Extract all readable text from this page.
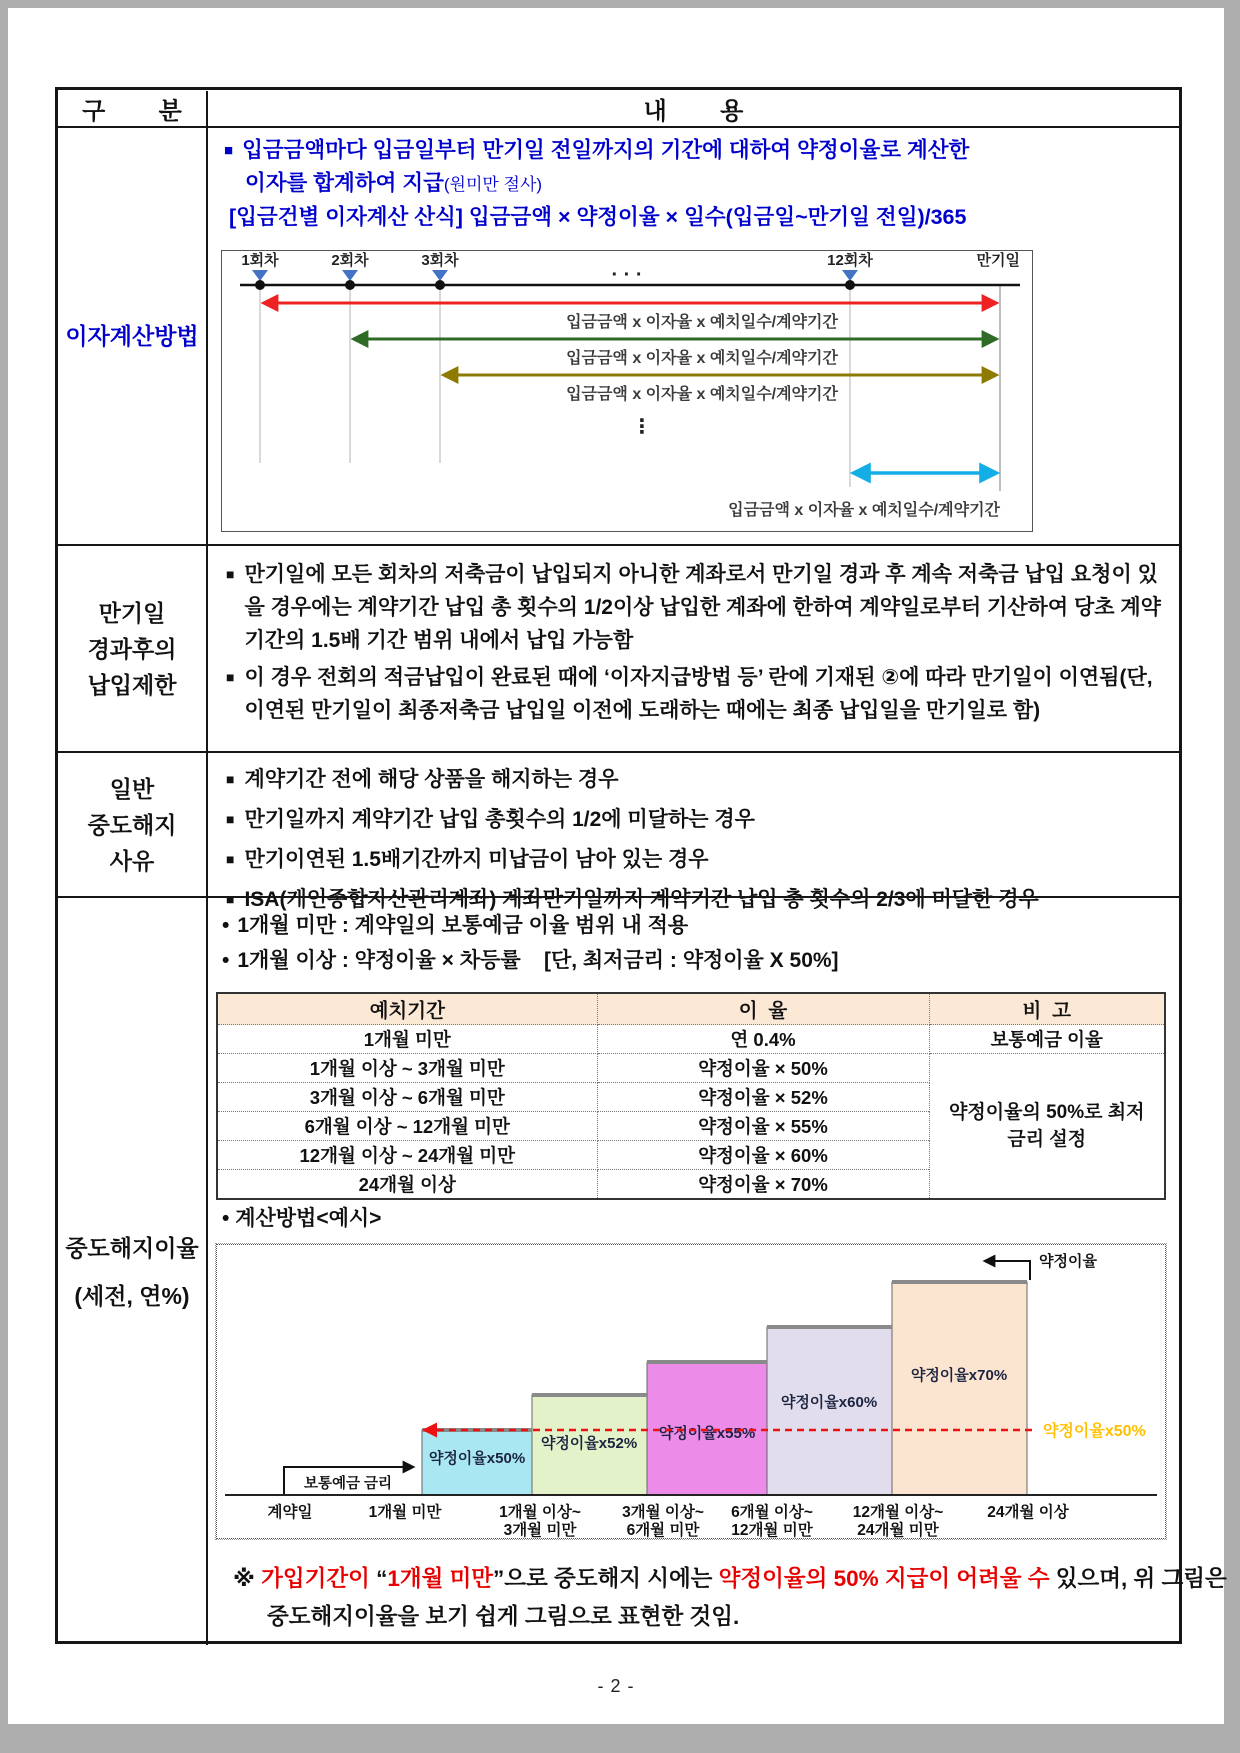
구        분	내        용
이자계산방법
■ 입금금액마다 입금일부터 만기일 전일까지의 기간에 대하여 약정이율로 계산한
이자를 합계하여 지급(원미만 절사)
[입금건별 이자계산 산식] 입금금액 × 약정이율 × 일수(입금일~만기일 전일)/365
1회차	2회차	3회차	12회차	만기일
· · ·
입금금액 x 이자율 x 예치일수/계약기간
입금금액 x 이자율 x 예치일수/계약기간
입금금액 x 이자율 x 예치일수/계약기간
⋮
입금금액 x 이자율 x 예치일수/계약기간
만기일
경과후의
납입제한
■ 만기일에 모든 회차의 저축금이 납입되지 아니한 계좌로서 만기일 경과 후 계속 저축금 납입 요청이 있을 경우에는 계약기간 납입 총 횟수의 1/2이상 납입한 계좌에 한하여 계약일로부터 기산하여 당초 계약기간의 1.5배 기간 범위 내에서 납입 가능함
■ 이 경우 전회의 적금납입이 완료된 때에 ‘이자지급방법 등’ 란에 기재된 ②에 따라 만기일이 이연됨(단, 이연된 만기일이 최종저축금 납입일 이전에 도래하는 때에는 최종 납입일을 만기일로 함)
일반
중도해지
사유
■ 계약기간 전에 해당 상품을 해지하는 경우
■ 만기일까지 계약기간 납입 총횟수의 1/2에 미달하는 경우
■ 만기이연된 1.5배기간까지 미납금이 남아 있는 경우
■ ISA(개인종합자산관리계좌) 계좌만기일까지 계약기간 납입 총 횟수의 2/3에 미달한 경우
중도해지이율
(세전, 연%)
• 1개월 미만 : 계약일의 보통예금 이율 범위 내 적용
• 1개월 이상 : 약정이율 × 차등률    [단, 최저금리 : 약정이율 X 50%]
예치기간	이  율	비  고
1개월 미만	연 0.4%	보통예금 이율
1개월 이상 ~ 3개월 미만	약정이율 × 50%	약정이율의 50%로 최저 금리 설정
3개월 이상 ~ 6개월 미만	약정이율 × 52%	
6개월 이상 ~ 12개월 미만	약정이율 × 55%	
12개월 이상 ~ 24개월 미만	약정이율 × 60%	
24개월 이상	약정이율 × 70%	
• 계산방법<예시>
약정이율x50%
약정이율x52%
약정이율x55%
약정이율x60%
약정이율x70%
약정이율
약정이율x50%
보통예금 금리
계약일	1개월 미만	1개월 이상~
3개월 미만
3개월 이상~
6개월 미만
6개월 이상~
12개월 미만
12개월 이상~
24개월 미만
24개월 이상
※ 가입기간이 “1개월 미만”으로 중도해지 시에는 약정이율의 50% 지급이 어려울 수 있으며, 위 그림은 중도해지이율을 보기 쉽게 그림으로 표현한 것임.
- 2 -
